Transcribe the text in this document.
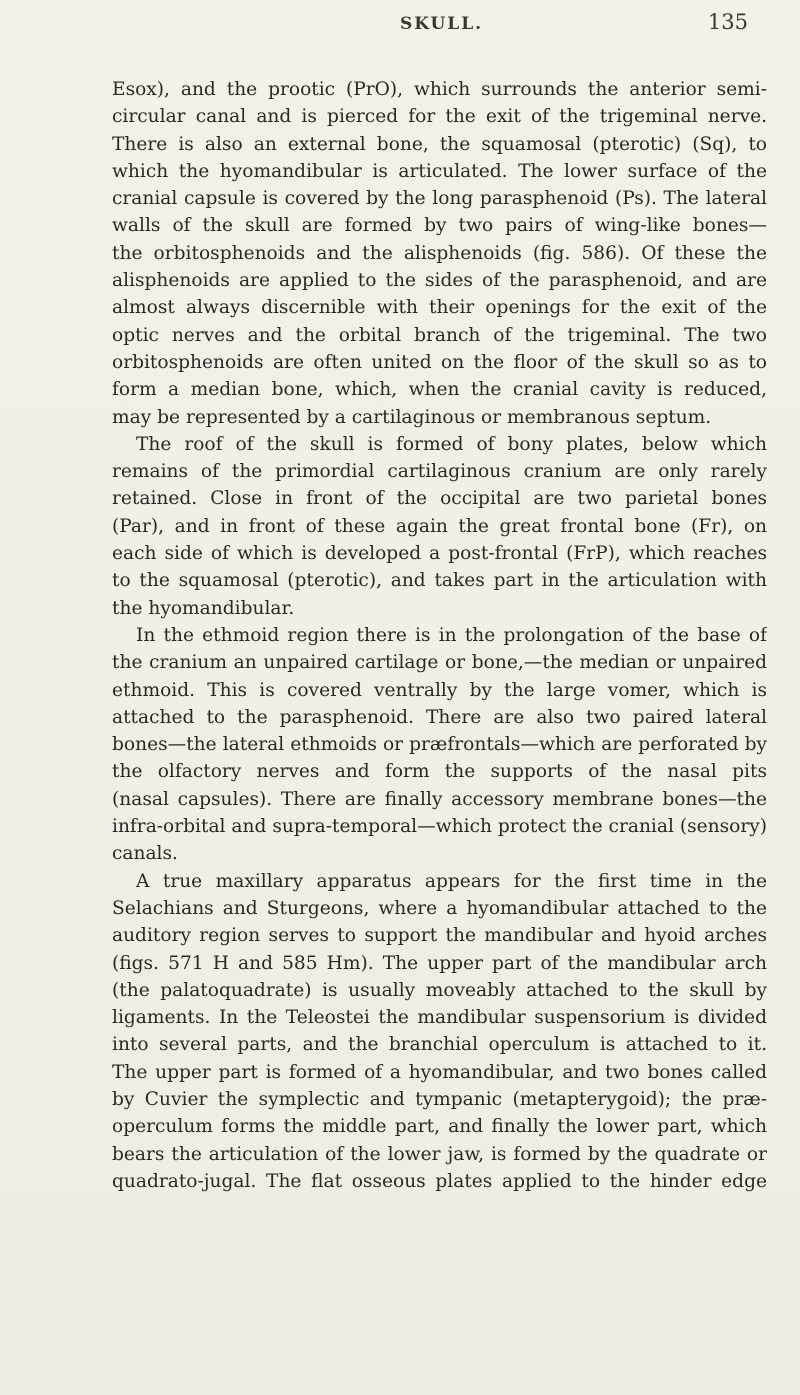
SKULL.	135
Esox), and the prootic (PrO), which surrounds the anterior semi-
circular canal and is pierced for the exit of the trigeminal nerve.
There is also an external bone, the squamosal (pterotic) (Sq), to
which the hyomandibular is articulated. The lower surface of the
cranial capsule is covered by the long parasphenoid (Ps). The lateral
walls of the skull are formed by two pairs of wing-like bones—
the orbitosphenoids and the alisphenoids (fig. 586). Of these the
alisphenoids are applied to the sides of the parasphenoid, and are
almost always discernible with their openings for the exit of the
optic nerves and the orbital branch of the trigeminal. The two
orbitosphenoids are often united on the floor of the skull so as to
form a median bone, which, when the cranial cavity is reduced,
may be represented by a cartilaginous or membranous septum.
The roof of the skull is formed of bony plates, below which
remains of the primordial cartilaginous cranium are only rarely
retained. Close in front of the occipital are two parietal bones
(Par), and in front of these again the great frontal bone (Fr), on
each side of which is developed a post-frontal (FrP), which reaches
to the squamosal (pterotic), and takes part in the articulation with
the hyomandibular.
In the ethmoid region there is in the prolongation of the base of
the cranium an unpaired cartilage or bone,—the median or unpaired
ethmoid. This is covered ventrally by the large vomer, which is
attached to the parasphenoid. There are also two paired lateral
bones—the lateral ethmoids or præfrontals—which are perforated by
the olfactory nerves and form the supports of the nasal pits
(nasal capsules). There are finally accessory membrane bones—the
infra-orbital and supra-temporal—which protect the cranial (sensory)
canals.
A true maxillary apparatus appears for the first time in the
Selachians and Sturgeons, where a hyomandibular attached to the
auditory region serves to support the mandibular and hyoid arches
(figs. 571 H and 585 Hm). The upper part of the mandibular arch
(the palatoquadrate) is usually moveably attached to the skull by
ligaments. In the Teleostei the mandibular suspensorium is divided
into several parts, and the branchial operculum is attached to it.
The upper part is formed of a hyomandibular, and two bones called
by Cuvier the symplectic and tympanic (metapterygoid); the præ-
operculum forms the middle part, and finally the lower part, which
bears the articulation of the lower jaw, is formed by the quadrate or
quadrato-jugal. The flat osseous plates applied to the hinder edge
